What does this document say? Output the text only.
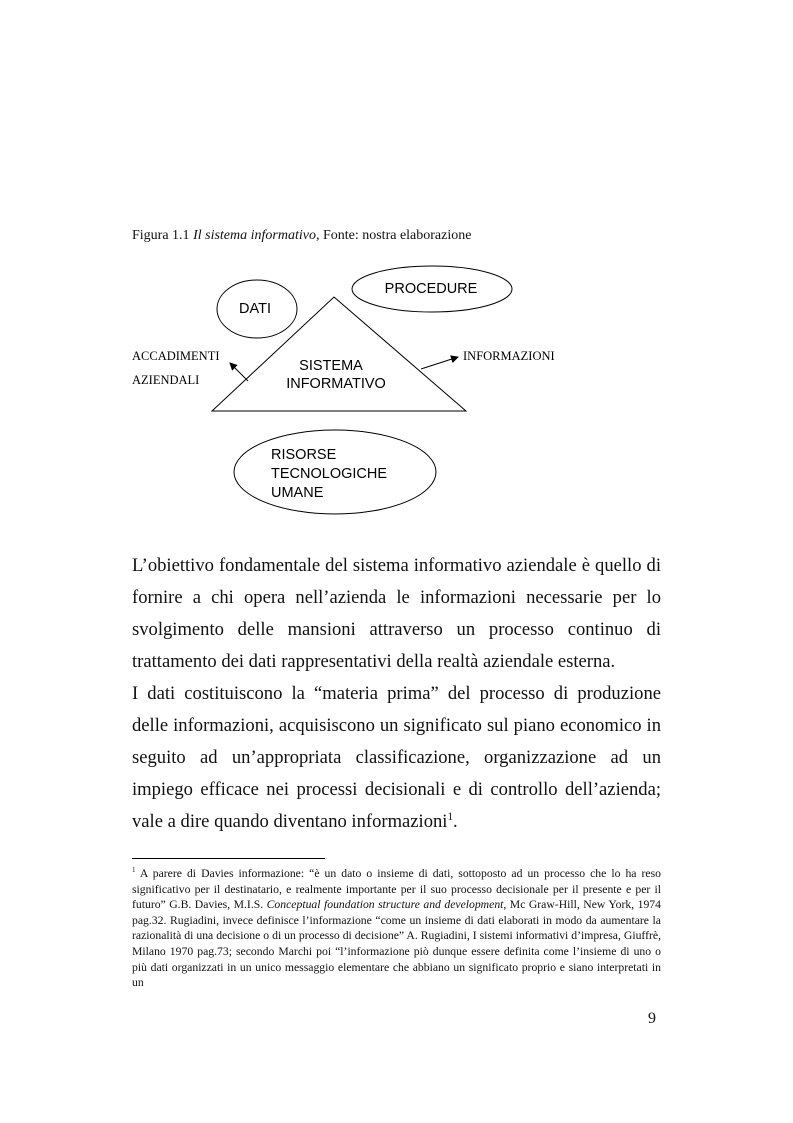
Figura 1.1 Il sistema informativo, Fonte: nostra elaborazione
DATI
PROCEDURE
SISTEMA
INFORMATIVO
ACCADIMENTI
AZIENDALI
INFORMAZIONI
RISORSE
TECNOLOGICHE
UMANE

L’obiettivo fondamentale del sistema informativo aziendale è quello di fornire a chi opera nell’azienda le informazioni necessarie per lo svolgimento delle mansioni attraverso un processo continuo di trattamento dei dati rappresentativi della realtà aziendale esterna.

I dati costituiscono la “materia prima” del processo di produzione delle informazioni, acquisiscono un significato sul piano economico in seguito ad un’appropriata classificazione, organizzazione ad un impiego efficace nei processi decisionali e di controllo dell’azienda; vale a dire quando diventano informazioni$^1$.

$^1$ A parere di Davies informazione: “è un dato o insieme di dati, sottoposto ad un processo che lo ha reso significativo per il destinatario, e realmente importante per il suo processo decisionale per il presente e per il futuro” G.B. Davies, M.I.S. Conceptual foundation structure and development, Mc Graw-Hill, New York, 1974 pag.32. Rugiadini, invece definisce l’informazione “come un insieme di dati elaborati in modo da aumentare la razionalità di una decisione o di un processo di decisione” A. Rugiadini, I sistemi informativi d’impresa, Giuffrè, Milano 1970 pag.73; secondo Marchi poi “l’informazione piò dunque essere definita come l’insieme di uno o più dati organizzati in un unico messaggio elementare che abbiano un significato proprio e siano interpretati in un

9
